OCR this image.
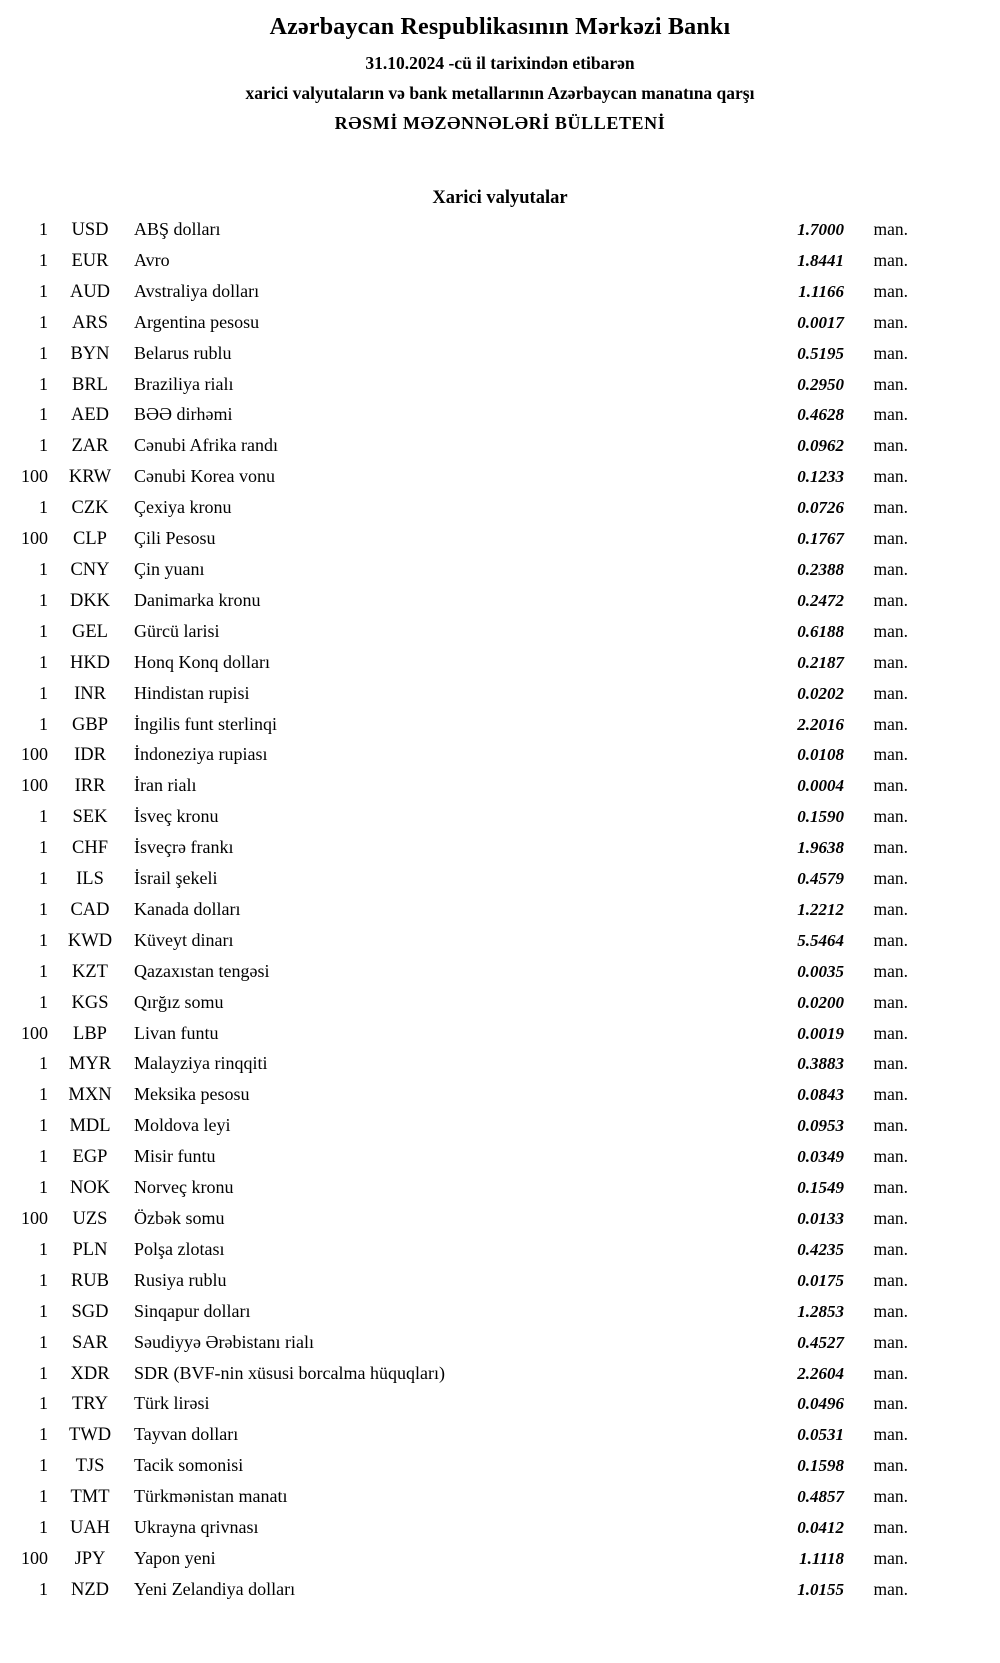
Azərbaycan Respublikasının Mərkəzi Bankı
31.10.2024 -cü il tarixindən etibarən
xarici valyutaların və bank metallarının Azərbaycan manatına qarşı
RƏSMİ MƏZƏNNƏLƏRİ BÜLLETENİ
Xarici valyutalar
1	USD	ABŞ dolları	1.7000	man.
1	EUR	Avro	1.8441	man.
1	AUD	Avstraliya dolları	1.1166	man.
1	ARS	Argentina pesosu	0.0017	man.
1	BYN	Belarus rublu	0.5195	man.
1	BRL	Braziliya rialı	0.2950	man.
1	AED	BƏƏ dirhəmi	0.4628	man.
1	ZAR	Cənubi Afrika randı	0.0962	man.
100	KRW	Cənubi Korea vonu	0.1233	man.
1	CZK	Çexiya kronu	0.0726	man.
100	CLP	Çili Pesosu	0.1767	man.
1	CNY	Çin yuanı	0.2388	man.
1	DKK	Danimarka kronu	0.2472	man.
1	GEL	Gürcü larisi	0.6188	man.
1	HKD	Honq Konq dolları	0.2187	man.
1	INR	Hindistan rupisi	0.0202	man.
1	GBP	İngilis funt sterlinqi	2.2016	man.
100	IDR	İndoneziya rupiası	0.0108	man.
100	IRR	İran rialı	0.0004	man.
1	SEK	İsveç kronu	0.1590	man.
1	CHF	İsveçrə frankı	1.9638	man.
1	ILS	İsrail şekeli	0.4579	man.
1	CAD	Kanada dolları	1.2212	man.
1	KWD	Küveyt dinarı	5.5464	man.
1	KZT	Qazaxıstan tengəsi	0.0035	man.
1	KGS	Qırğız somu	0.0200	man.
100	LBP	Livan funtu	0.0019	man.
1	MYR	Malayziya rinqqiti	0.3883	man.
1	MXN	Meksika pesosu	0.0843	man.
1	MDL	Moldova leyi	0.0953	man.
1	EGP	Misir funtu	0.0349	man.
1	NOK	Norveç kronu	0.1549	man.
100	UZS	Özbək somu	0.0133	man.
1	PLN	Polşa zlotası	0.4235	man.
1	RUB	Rusiya rublu	0.0175	man.
1	SGD	Sinqapur dolları	1.2853	man.
1	SAR	Səudiyyə Ərəbistanı rialı	0.4527	man.
1	XDR	SDR (BVF-nin xüsusi borcalma hüquqları)	2.2604	man.
1	TRY	Türk lirəsi	0.0496	man.
1	TWD	Tayvan dolları	0.0531	man.
1	TJS	Tacik somonisi	0.1598	man.
1	TMT	Türkmənistan manatı	0.4857	man.
1	UAH	Ukrayna qrivnası	0.0412	man.
100	JPY	Yapon yeni	1.1118	man.
1	NZD	Yeni Zelandiya dolları	1.0155	man.
